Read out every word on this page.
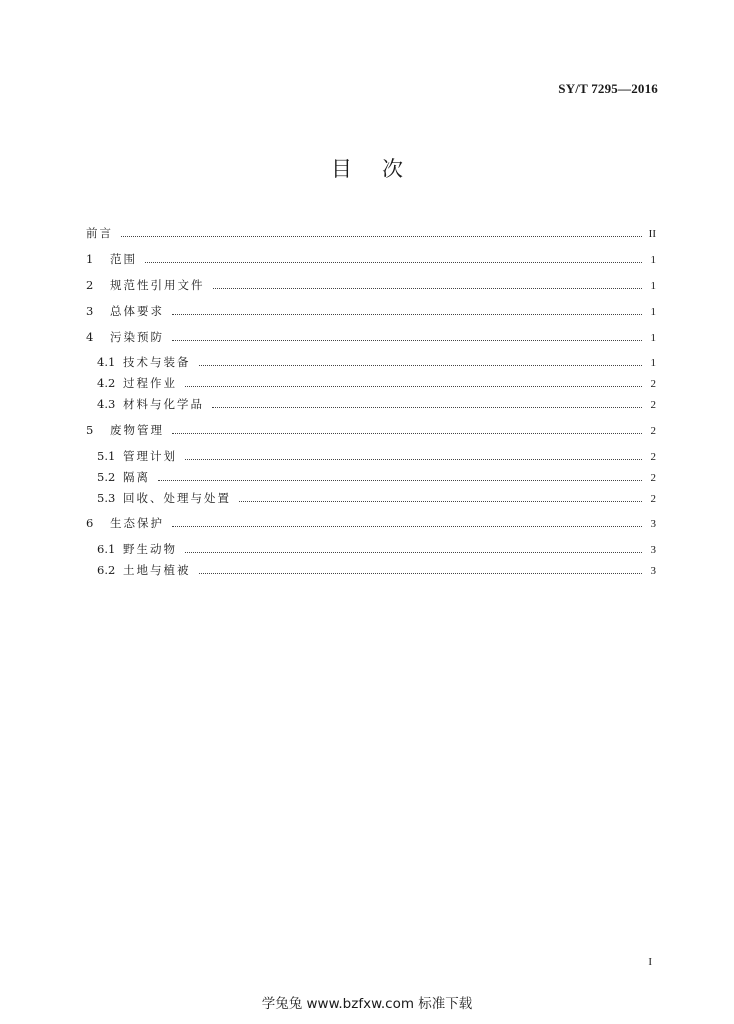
SY/T 7295—2016
目次
前言	II
1	范围	1
2	规范性引用文件	1
3	总体要求	1
4	污染预防	1
4.1 技术与装备	1
4.2 过程作业	2
4.3 材料与化学品	2
5	废物管理	2
5.1 管理计划	2
5.2 隔离	2
5.3 回收、处理与处置	2
6	生态保护	3
6.1 野生动物	3
6.2 土地与植被	3
I
学兔兔 www.bzfxw.com 标准下载
